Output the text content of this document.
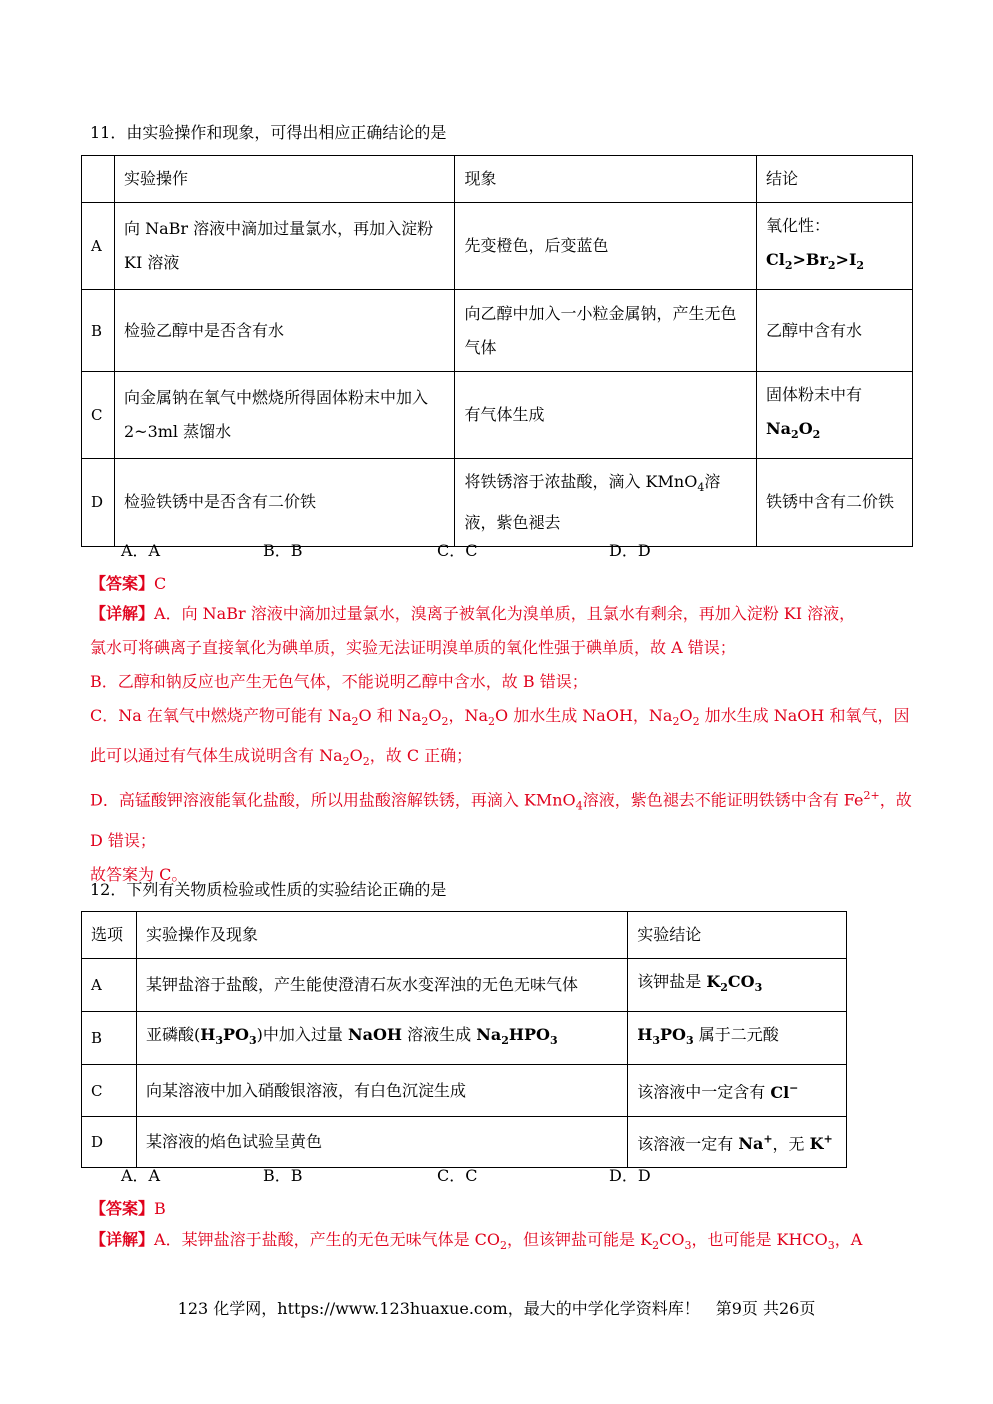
11．由实验操作和现象，可得出相应正确结论的是
	实验操作	现象	结论
A	向 NaBr 溶液中滴加过量氯水，再加入淀粉 KI 溶液	先变橙色，后变蓝色	氧化性：
$Cl_2>Br_2>I_2$
B	检验乙醇中是否含有水	向乙醇中加入一小粒金属钠，产生无色气体	乙醇中含有水
C	向金属钠在氧气中燃烧所得固体粉末中加入 2~3ml 蒸馏水	有气体生成	固体粉末中有
$Na_2O_2$
D	检验铁锈中是否含有二价铁	将铁锈溶于浓盐酸，滴入 KMnO$_4$溶液，紫色褪去	铁锈中含有二价铁
A．A	B．B	C．C	D．D
【答案】C
【详解】A．向 NaBr 溶液中滴加过量氯水，溴离子被氧化为溴单质，且氯水有剩余，再加入淀粉 KI 溶液，
氯水可将碘离子直接氧化为碘单质，实验无法证明溴单质的氧化性强于碘单质，故 A 错误；
B．乙醇和钠反应也产生无色气体，不能说明乙醇中含水，故 B 错误；
C．Na 在氧气中燃烧产物可能有 $Na_2O$ 和 $Na_2O_2$，$Na_2O$ 加水生成 NaOH，$Na_2O_2$ 加水生成 NaOH 和氧气，因此可以通过有气体生成说明含有 $Na_2O_2$，故 C 正确；
D．高锰酸钾溶液能氧化盐酸，所以用盐酸溶解铁锈，再滴入 KMnO$_4$溶液，紫色褪去不能证明铁锈中含有 $Fe^{2+}$，故 D 错误；
故答案为 C。
12．下列有关物质检验或性质的实验结论正确的是
选项	实验操作及现象	实验结论
A	某钾盐溶于盐酸，产生能使澄清石灰水变浑浊的无色无味气体	该钾盐是 $K_2CO_3$
B	亚磷酸$(H_3PO_3)$中加入过量 NaOH 溶液生成 $Na_2HPO_3$	$H_3PO_3$ 属于二元酸
C	向某溶液中加入硝酸银溶液，有白色沉淀生成	该溶液中一定含有 Cl−
D	某溶液的焰色试验呈黄色	该溶液一定有 Na+，无 K+
A．A	B．B	C．C	D．D
【答案】B
【详解】A．某钾盐溶于盐酸，产生的无色无味气体是 $CO_2$，但该钾盐可能是 $K_2CO_3$，也可能是 $KHCO_3$，A
123 化学网，https://www.123huaxue.com，最大的中学化学资料库！　第9页 共26页
